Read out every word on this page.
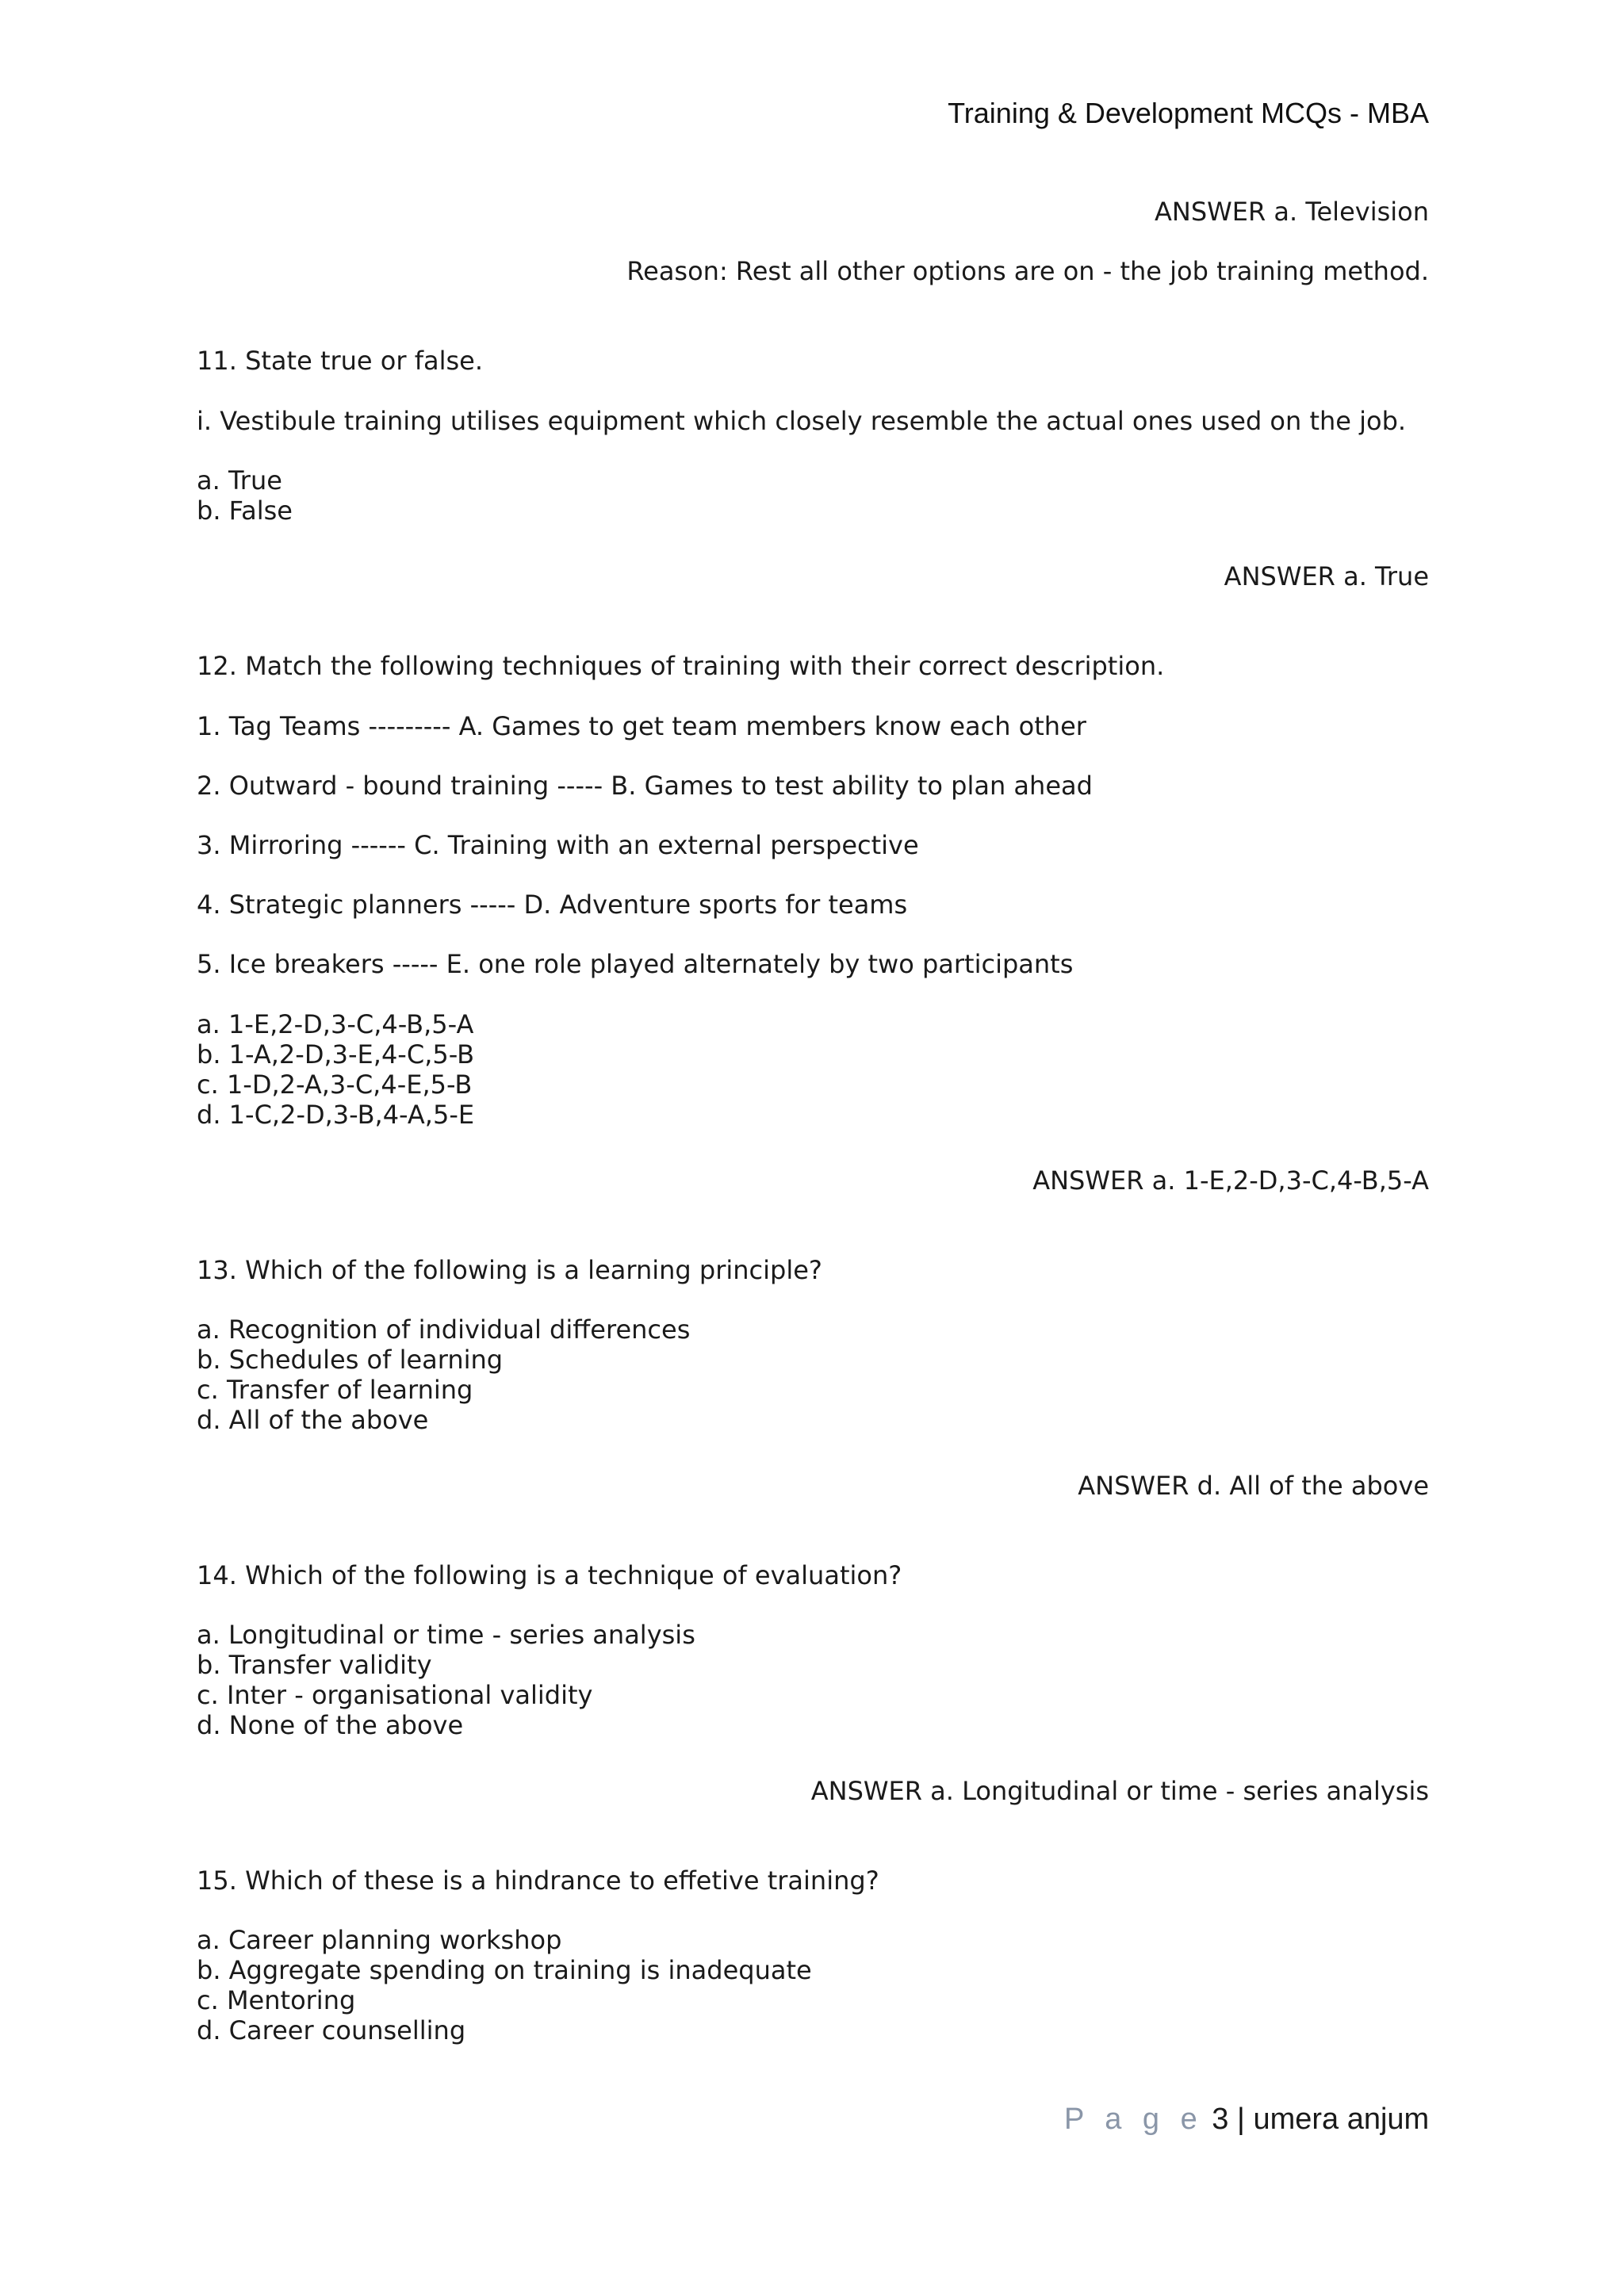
Training & Development MCQs - MBA
ANSWER a. Television
Reason: Rest all other options are on - the job training method.
11. State true or false.
i. Vestibule training utilises equipment which closely resemble the actual ones used on the job.
a. True
b. False
ANSWER a. True
12. Match the following techniques of training with their correct description.
1. Tag Teams --------- A. Games to get team members know each other
2. Outward - bound training ----- B. Games to test ability to plan ahead
3. Mirroring ------ C. Training with an external perspective
4. Strategic planners ----- D. Adventure sports for teams
5. Ice breakers ----- E. one role played alternately by two participants
a. 1-E,2-D,3-C,4-B,5-A
b. 1-A,2-D,3-E,4-C,5-B
c. 1-D,2-A,3-C,4-E,5-B
d. 1-C,2-D,3-B,4-A,5-E
ANSWER a. 1-E,2-D,3-C,4-B,5-A
13. Which of the following is a learning principle?
a. Recognition of individual differences
b. Schedules of learning
c. Transfer of learning
d. All of the above
ANSWER d. All of the above
14. Which of the following is a technique of evaluation?
a. Longitudinal or time - series analysis
b. Transfer validity
c. Inter - organisational validity
d. None of the above
ANSWER a. Longitudinal or time - series analysis
15. Which of these is a hindrance to effetive training?
a. Career planning workshop
b. Aggregate spending on training is inadequate
c. Mentoring
d. Career counselling
P a g e 3 | umera anjum
